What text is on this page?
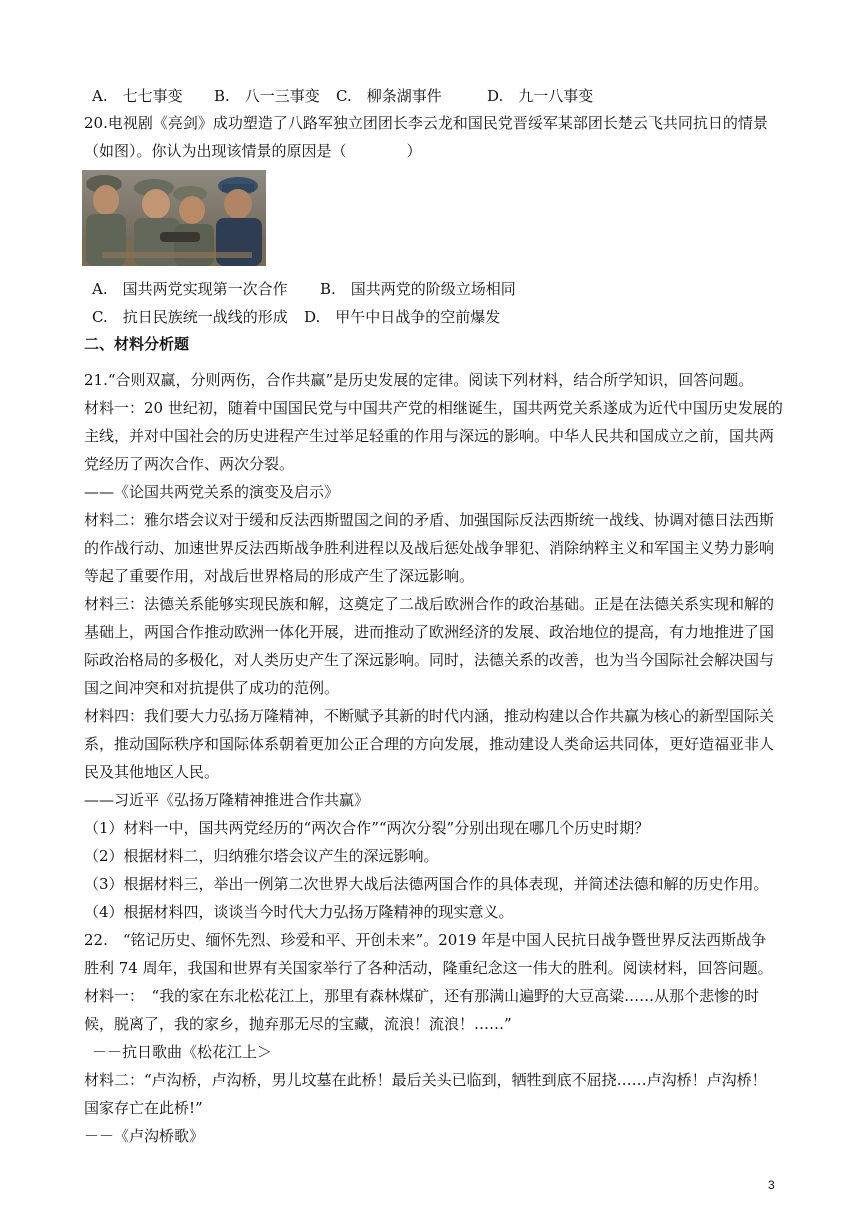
A.　七七事变 B.　八一三事变 C.　柳条湖事件	D.　九一八事变
20.电视剧《亮剑》成功塑造了八路军独立团团长李云龙和国民党晋绥军某部团长楚云飞共同抗日的情景
（如图）。你认为出现该情景的原因是（　　　　）
A.　国共两党实现第一次合作 B.　国共两党的阶级立场相同
C.　抗日民族统一战线的形成 D.　甲午中日战争的空前爆发
二、材料分析题
21.“合则双赢，分则两伤，合作共赢”是历史发展的定律。阅读下列材料，结合所学知识，回答问题。
材料一：20 世纪初，随着中国国民党与中国共产党的相继诞生，国共两党关系遂成为近代中国历史发展的
主线，并对中国社会的历史进程产生过举足轻重的作用与深远的影响。中华人民共和国成立之前，国共两
党经历了两次合作、两次分裂。
——《论国共两党关系的演变及启示》
材料二：雅尔塔会议对于缓和反法西斯盟国之间的矛盾、加强国际反法西斯统一战线、协调对德日法西斯
的作战行动、加速世界反法西斯战争胜利进程以及战后惩处战争罪犯、消除纳粹主义和军国主义势力影响
等起了重要作用，对战后世界格局的形成产生了深远影响。
材料三：法德关系能够实现民族和解，这奠定了二战后欧洲合作的政治基础。正是在法德关系实现和解的
基础上，两国合作推动欧洲一体化开展，进而推动了欧洲经济的发展、政治地位的提高，有力地推进了国
际政治格局的多极化，对人类历史产生了深远影响。同时，法德关系的改善，也为当今国际社会解决国与
国之间冲突和对抗提供了成功的范例。
材料四：我们要大力弘扬万隆精神，不断赋予其新的时代内涵，推动构建以合作共赢为核心的新型国际关
系，推动国际秩序和国际体系朝着更加公正合理的方向发展，推动建设人类命运共同体，更好造福亚非人
民及其他地区人民。
——习近平《弘扬万隆精神推进合作共赢》
（1）材料一中，国共两党经历的“两次合作”“两次分裂”分别出现在哪几个历史时期？
（2）根据材料二，归纳雅尔塔会议产生的深远影响。
（3）根据材料三，举出一例第二次世界大战后法德两国合作的具体表现，并简述法德和解的历史作用。
（4）根据材料四，谈谈当今时代大力弘扬万隆精神的现实意义。
22.　“铭记历史、缅怀先烈、珍爱和平、开创未来”。2019 年是中国人民抗日战争暨世界反法西斯战争
胜利 74 周年，我国和世界有关国家举行了各种活动，隆重纪念这一伟大的胜利。阅读材料，回答问题。
材料一：　“我的家在东北松花江上，那里有森林煤矿，还有那满山遍野的大豆高粱……从那个悲惨的时
候，脱离了，我的家乡，抛弃那无尽的宝藏，流浪！流浪！……”
－－抗日歌曲《松花江上＞
材料二：“卢沟桥，卢沟桥，男儿坟墓在此桥！最后关头已临到，牺牲到底不屈挠……卢沟桥！卢沟桥！
国家存亡在此桥!”
－－《卢沟桥歌》
3
